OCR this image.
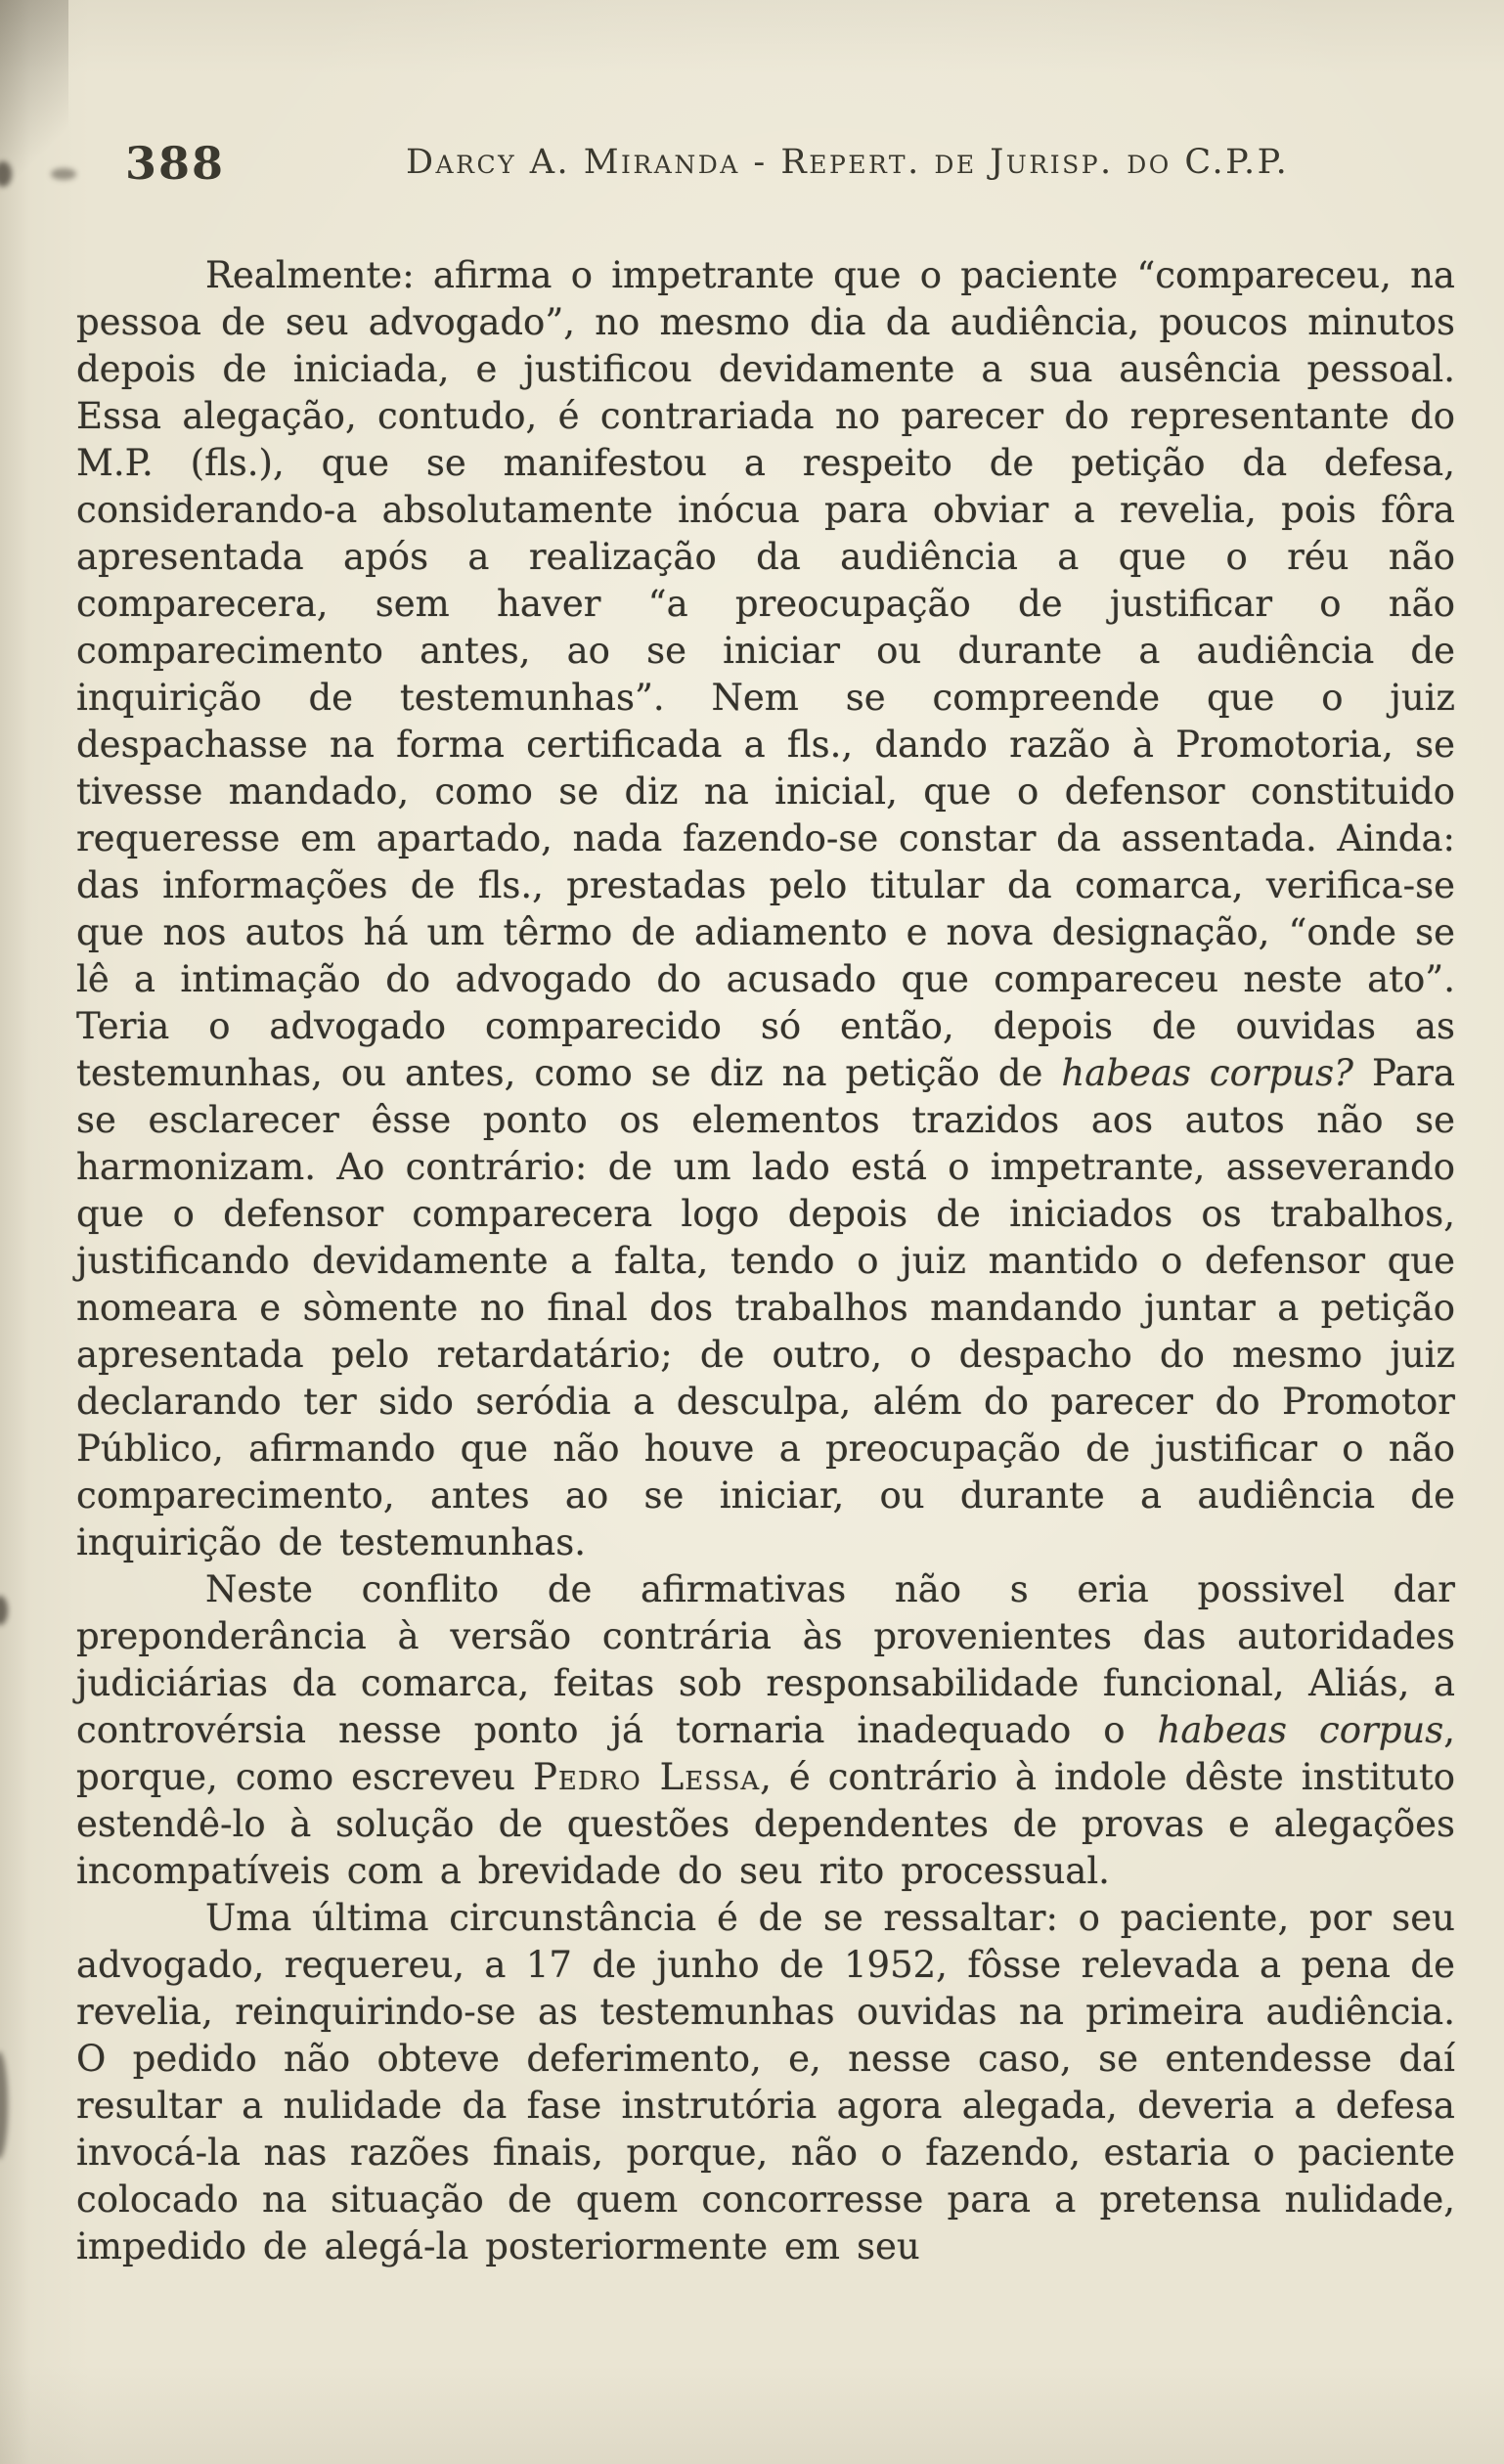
388	Darcy A. Miranda - Repert. de Jurisp. do C.P.P.

Realmente: afirma o impetrante que o paciente “compareceu, na pessoa de seu advogado”, no mesmo dia da audiência, poucos minutos depois de iniciada, e justificou devidamente a sua ausência pessoal. Essa alegação, contudo, é contrariada no parecer do representante do M.P. (fls.), que se manifestou a respeito de petição da defesa, considerando-a absolutamente inócua para obviar a revelia, pois fôra apresentada após a realização da audiência a que o réu não comparecera, sem haver “a preocupação de justificar o não comparecimento antes, ao se iniciar ou durante a audiência de inquirição de testemunhas”. Nem se compreende que o juiz despachasse na forma certificada a fls., dando razão à Promotoria, se tivesse mandado, como se diz na inicial, que o defensor constituido requeresse em apartado, nada fazendo-se constar da assentada. Ainda: das informações de fls., prestadas pelo titular da comarca, verifica-se que nos autos há um têrmo de adiamento e nova designação, “onde se lê a intimação do advogado do acusado que compareceu neste ato”. Teria o advogado comparecido só então, depois de ouvidas as testemunhas, ou antes, como se diz na petição de habeas corpus? Para se esclarecer êsse ponto os elementos trazidos aos autos não se harmonizam. Ao contrário: de um lado está o impetrante, asseverando que o defensor comparecera logo depois de iniciados os trabalhos, justificando devidamente a falta, tendo o juiz mantido o defensor que nomeara e sòmente no final dos trabalhos mandando juntar a petição apresentada pelo retardatário; de outro, o despacho do mesmo juiz declarando ter sido seródia a desculpa, além do parecer do Promotor Público, afirmando que não houve a preocupação de justificar o não comparecimento, antes ao se iniciar, ou durante a audiência de inquirição de testemunhas.

Neste conflito de afirmativas não s eria possivel dar preponderância à versão contrária às provenientes das autoridades judiciárias da comarca, feitas sob responsabilidade funcional, Aliás, a controvérsia nesse ponto já tornaria inadequado o habeas corpus, porque, como escreveu Pedro Lessa, é contrário à indole dêste instituto estendê-lo à solução de questões dependentes de provas e alegações incompatíveis com a brevidade do seu rito processual.

Uma última circunstância é de se ressaltar: o paciente, por seu advogado, requereu, a 17 de junho de 1952, fôsse relevada a pena de revelia, reinquirindo-se as testemunhas ouvidas na primeira audiência. O pedido não obteve deferimento, e, nesse caso, se entendesse daí resultar a nulidade da fase instrutória agora alegada, deveria a defesa invocá-la nas razões finais, porque, não o fazendo, estaria o paciente colocado na situação de quem concorresse para a pretensa nulidade, impedido de alegá-la posteriormente em seu
